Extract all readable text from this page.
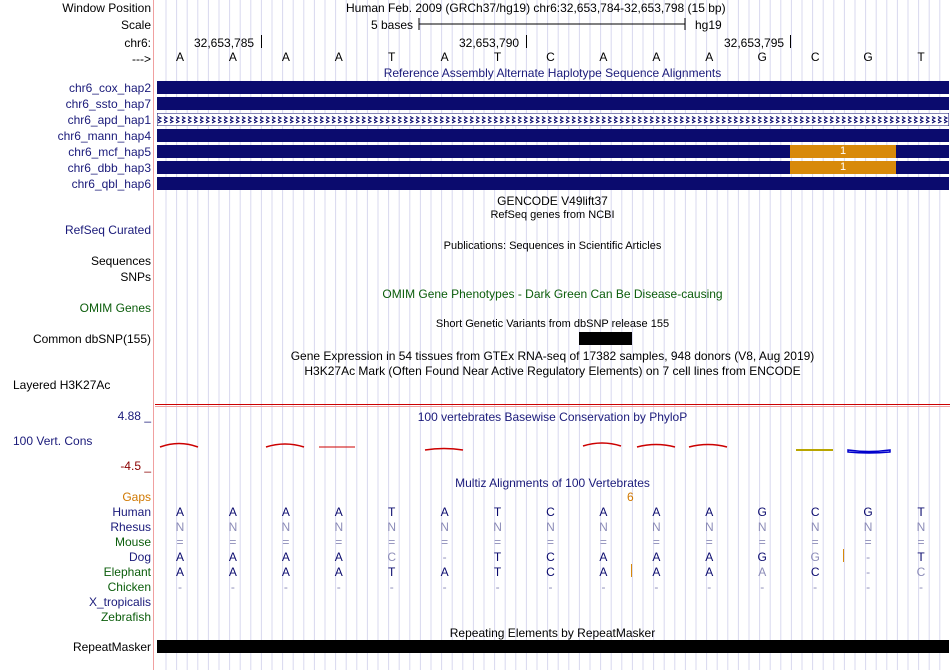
Window Position
Scale
chr6:
--->
chr6_cox_hap2
chr6_ssto_hap7
chr6_apd_hap1
chr6_mann_hap4
chr6_mcf_hap5
chr6_dbb_hap3
chr6_qbl_hap6
RefSeq Curated
Sequences
SNPs
OMIM Genes
Common dbSNP(155)
Layered H3K27Ac
4.88 _
100 Vert. Cons
-4.5 _
Gaps
Human
Rhesus
Mouse
Dog
Elephant
Chicken
X_tropicalis
Zebrafish
RepeatMasker
Human Feb. 2009 (GRCh37/hg19) chr6:32,653,784-32,653,798 (15 bp)
5 bases	hg19
32,653,785	32,653,790	32,653,795
A	A	A	A	T	A	T	C	A	A	A	G	C	G	T
Reference Assembly Alternate Haplotype Sequence Alignments
1
1
GENCODE V49lift37
RefSeq genes from NCBI
Publications: Sequences in Scientific Articles
OMIM Gene Phenotypes - Dark Green Can Be Disease-causing
Short Genetic Variants from dbSNP release 155
Gene Expression in 54 tissues from GTEx RNA-seq of 17382 samples, 948 donors (V8, Aug 2019)
H3K27Ac Mark (Often Found Near Active Regulatory Elements) on 7 cell lines from ENCODE
100 vertebrates Basewise Conservation by PhyloP
Multiz Alignments of 100 Vertebrates
6
A	A	A	A	T	A	T	C	A	A	A	G	C	G	T
N	N	N	N	N	N	N	N	N	N	N	N	N	N	N
=	=	=	=	=	=	=	=	=	=	=	=	=	=	=
A	A	A	A	C	-	T	C	A	A	A	G	G	-	T
A	A	A	A	T	A	T	C	A	A	A	A	C	-	C
-	-	-	-	-	-	-	-	-	-	-	-	-	-	-
Repeating Elements by RepeatMasker
